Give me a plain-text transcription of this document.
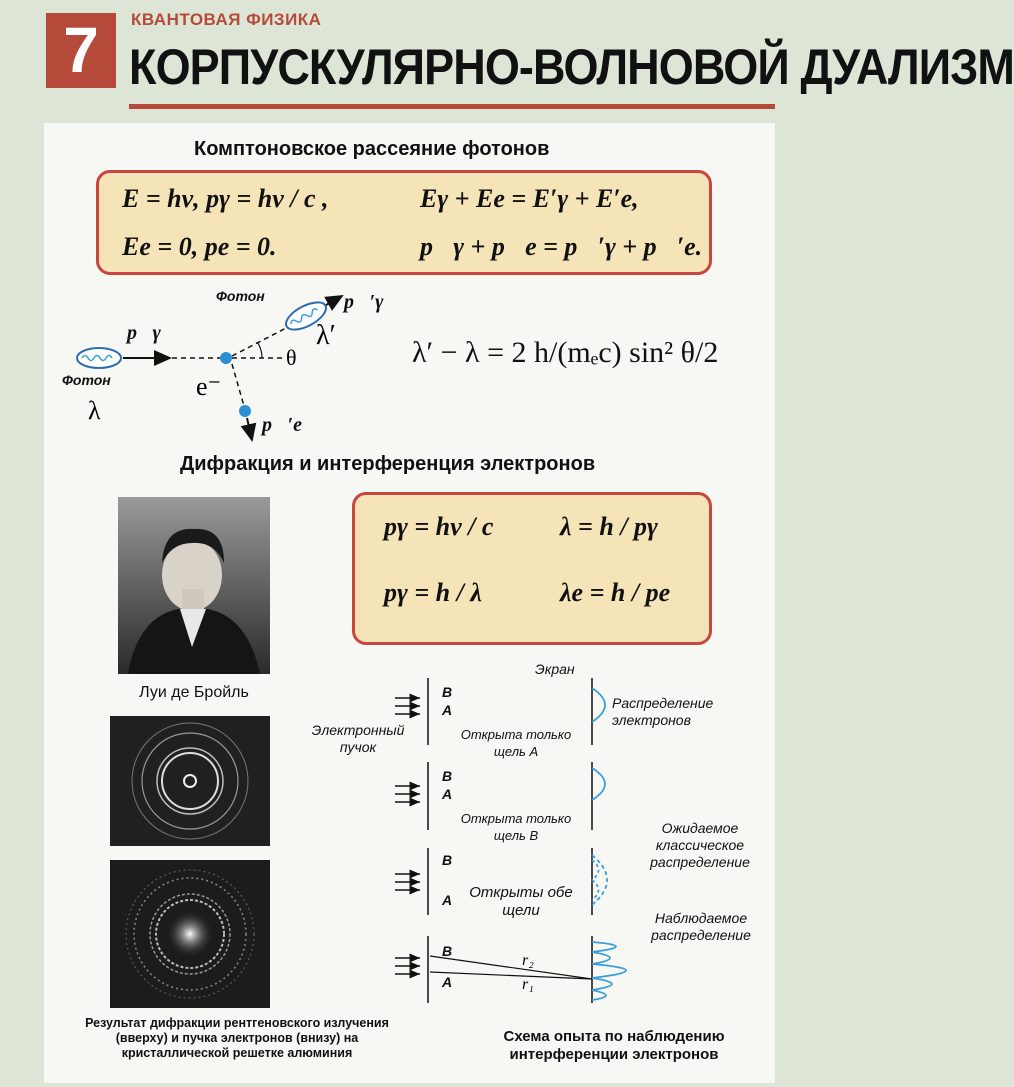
7	КВАНТОВАЯ ФИЗИКА
КОРПУСКУЛЯРНО-ВОЛНОВОЙ ДУАЛИЗМ
Комптоновское рассеяние фотонов
E = hν, pγ = hν / c ,	Eγ + Ee = E′γ + E′e,
Ee = 0, pe = 0.	p⃗γ + p⃗e = p⃗′γ + p⃗′e.
Фотон
Фотон
p⃗γ
p⃗′γ
p⃗′e
λ
λ′
e⁻
θ	λ′ − λ = 2 h/(mₑc) sin² θ/2
Дифракция и интерференция электронов
pγ = hν / c	λ = h / pγ
pγ = h / λ	λe = h / pe
Луи де Бройль
Результат дифракции рентгеновского излучения (вверху) и пучка электронов (внизу) на кристаллической решетке алюминия
Экран
Электронный пучок
Распределение электронов
Открыта только щель А
Открыта только щель В	Ожидаемое классическое распределение
Открыты обе щели	Наблюдаемое распределение
B
A
B
A
B
A
B
A
r₂
r₁
Схема опыта по наблюдению интерференции электронов
